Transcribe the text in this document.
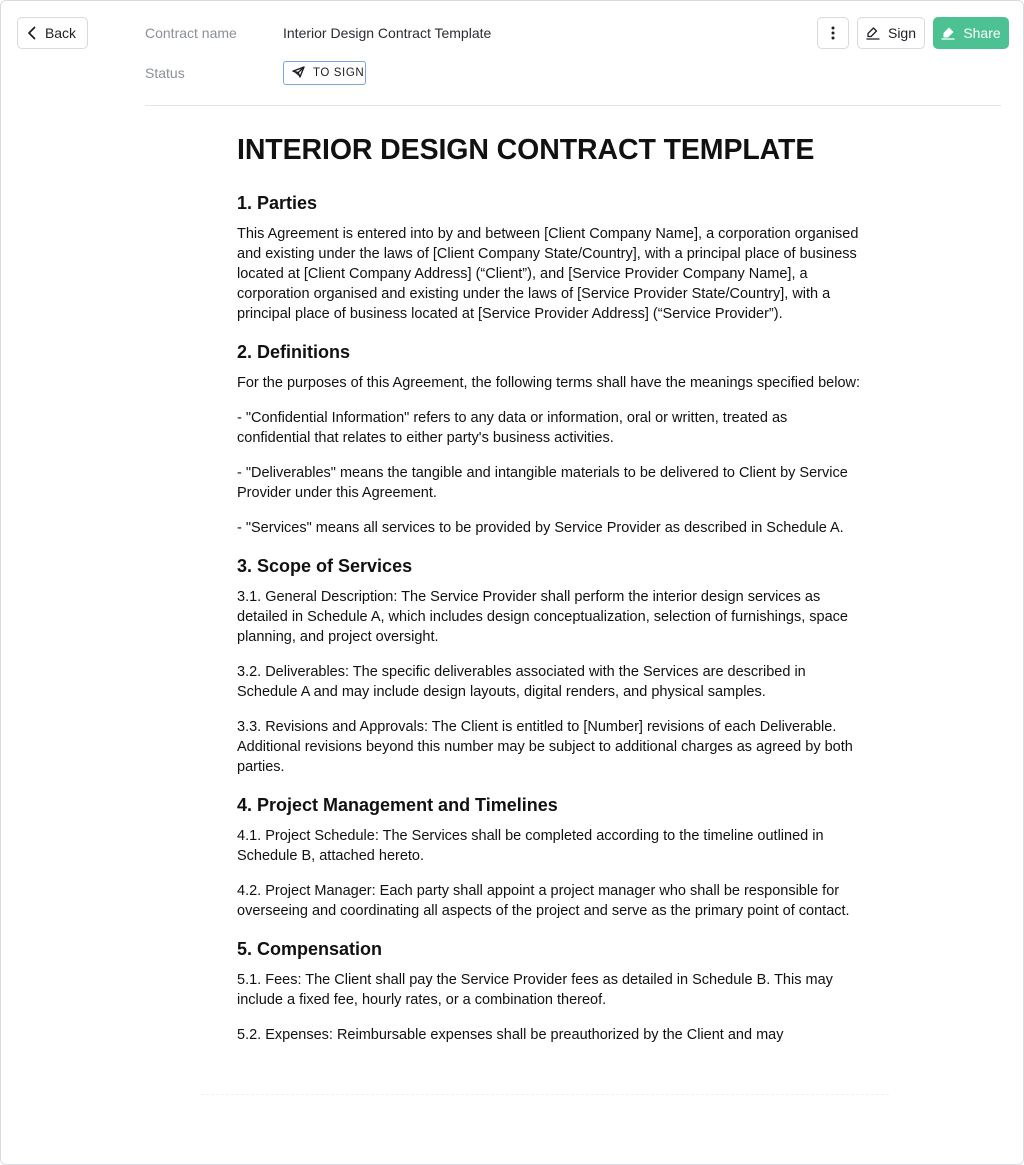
Back	Contract name	Interior Design Contract Template
Status	TO SIGN
Sign	Share
INTERIOR DESIGN CONTRACT TEMPLATE
1. Parties
This Agreement is entered into by and between [Client Company Name], a corporation organised and existing under the laws of [Client Company State/Country], with a principal place of business located at [Client Company Address] (“Client”), and [Service Provider Company Name], a corporation organised and existing under the laws of [Service Provider State/Country], with a principal place of business located at [Service Provider Address] (“Service Provider”).
2. Definitions
For the purposes of this Agreement, the following terms shall have the meanings specified below:
- "Confidential Information" refers to any data or information, oral or written, treated as confidential that relates to either party's business activities.
- "Deliverables" means the tangible and intangible materials to be delivered to Client by Service Provider under this Agreement.
- "Services" means all services to be provided by Service Provider as described in Schedule A.
3. Scope of Services
3.1. General Description: The Service Provider shall perform the interior design services as detailed in Schedule A, which includes design conceptualization, selection of furnishings, space planning, and project oversight.
3.2. Deliverables: The specific deliverables associated with the Services are described in Schedule A and may include design layouts, digital renders, and physical samples.
3.3. Revisions and Approvals: The Client is entitled to [Number] revisions of each Deliverable. Additional revisions beyond this number may be subject to additional charges as agreed by both parties.
4. Project Management and Timelines
4.1. Project Schedule: The Services shall be completed according to the timeline outlined in Schedule B, attached hereto.
4.2. Project Manager: Each party shall appoint a project manager who shall be responsible for overseeing and coordinating all aspects of the project and serve as the primary point of contact.
5. Compensation
5.1. Fees: The Client shall pay the Service Provider fees as detailed in Schedule B. This may include a fixed fee, hourly rates, or a combination thereof.
5.2. Expenses: Reimbursable expenses shall be preauthorized by the Client and may
